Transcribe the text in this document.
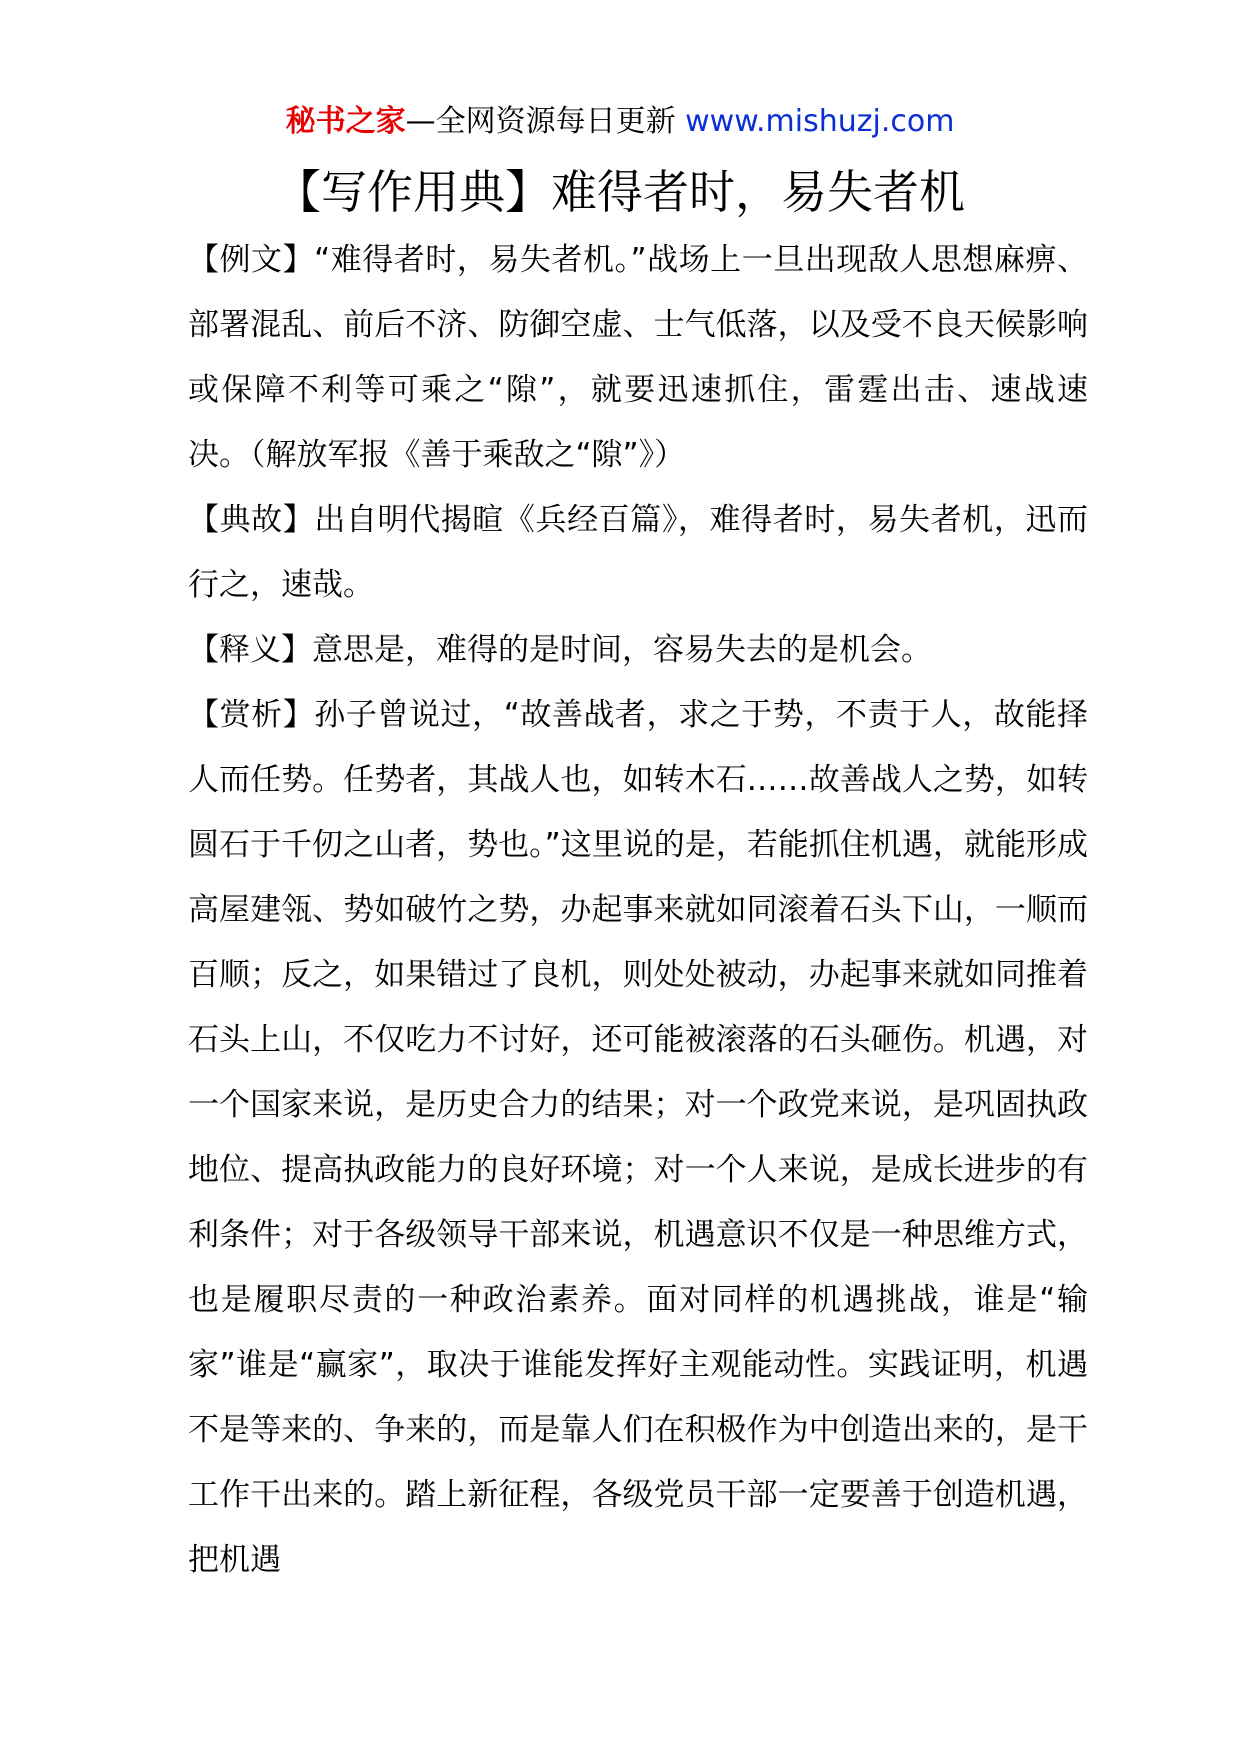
秘书之家—全网资源每日更新 www.mishuzj.com
【写作用典】难得者时，易失者机

【例文】“难得者时，易失者机。”战场上一旦出现敌人思想麻痹、部署混乱、前后不济、防御空虚、士气低落，以及受不良天候影响或保障不利等可乘之“隙”，就要迅速抓住，雷霆出击、速战速决。（解放军报《善于乘敌之“隙”》）

【典故】出自明代揭暄《兵经百篇》，难得者时，易失者机，迅而行之，速哉。

【释义】意思是，难得的是时间，容易失去的是机会。

【赏析】孙子曾说过，“故善战者，求之于势，不责于人，故能择人而任势。任势者，其战人也，如转木石……故善战人之势，如转圆石于千仞之山者，势也。”这里说的是，若能抓住机遇，就能形成高屋建瓴、势如破竹之势，办起事来就如同滚着石头下山，一顺而百顺；反之，如果错过了良机，则处处被动，办起事来就如同推着石头上山，不仅吃力不讨好，还可能被滚落的石头砸伤。机遇，对一个国家来说，是历史合力的结果；对一个政党来说，是巩固执政地位、提高执政能力的良好环境；对一个人来说，是成长进步的有利条件；对于各级领导干部来说，机遇意识不仅是一种思维方式，也是履职尽责的一种政治素养。面对同样的机遇挑战，谁是“输家”谁是“赢家”，取决于谁能发挥好主观能动性。实践证明，机遇不是等来的、争来的，而是靠人们在积极作为中创造出来的，是干工作干出来的。踏上新征程，各级党员干部一定要善于创造机遇，把机遇
